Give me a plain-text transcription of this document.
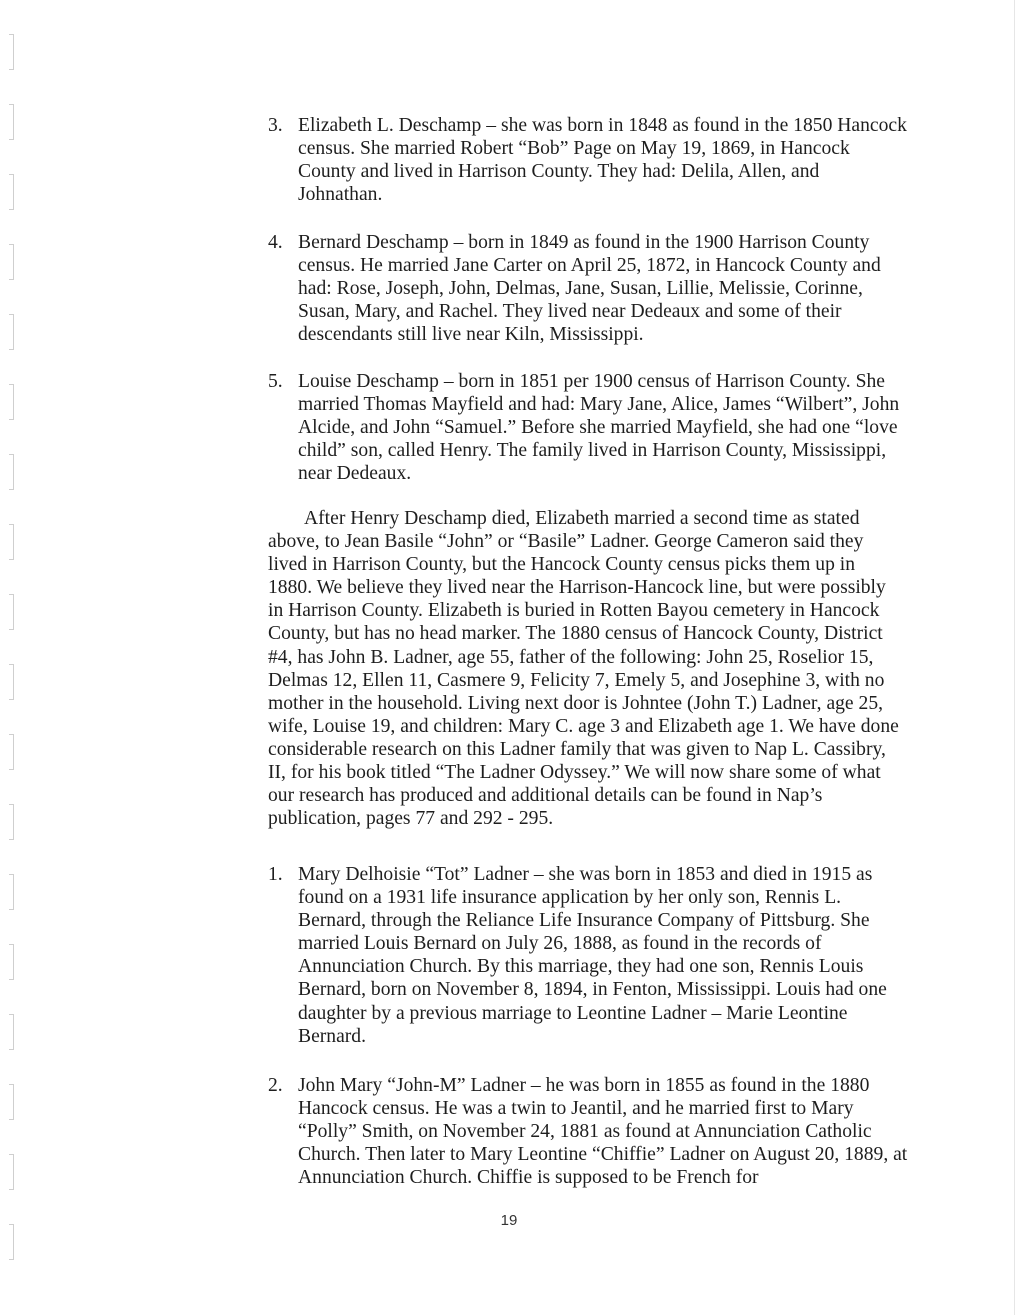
3. Elizabeth L. Deschamp – she was born in 1848 as found in the 1850 Hancock census. She married Robert “Bob” Page on May 19, 1869, in Hancock County and lived in Harrison County. They had: Delila, Allen, and Johnathan.
4. Bernard Deschamp – born in 1849 as found in the 1900 Harrison County census. He married Jane Carter on April 25, 1872, in Hancock County and had: Rose, Joseph, John, Delmas, Jane, Susan, Lillie, Melissie, Corinne, Susan, Mary, and Rachel. They lived near Dedeaux and some of their descendants still live near Kiln, Mississippi.
5. Louise Deschamp – born in 1851 per 1900 census of Harrison County. She married Thomas Mayfield and had: Mary Jane, Alice, James “Wilbert”, John Alcide, and John “Samuel.” Before she married Mayfield, she had one “love child” son, called Henry. The family lived in Harrison County, Mississippi, near Dedeaux.
After Henry Deschamp died, Elizabeth married a second time as stated above, to Jean Basile “John” or “Basile” Ladner. George Cameron said they lived in Harrison County, but the Hancock County census picks them up in 1880. We believe they lived near the Harrison-Hancock line, but were possibly in Harrison County. Elizabeth is buried in Rotten Bayou cemetery in Hancock County, but has no head marker. The 1880 census of Hancock County, District #4, has John B. Ladner, age 55, father of the following: John 25, Roselior 15, Delmas 12, Ellen 11, Casmere 9, Felicity 7, Emely 5, and Josephine 3, with no mother in the household. Living next door is Johntee (John T.) Ladner, age 25, wife, Louise 19, and children: Mary C. age 3 and Elizabeth age 1. We have done considerable research on this Ladner family that was given to Nap L. Cassibry, II, for his book titled “The Ladner Odyssey.” We will now share some of what our research has produced and additional details can be found in Nap’s publication, pages 77 and 292 - 295.
1. Mary Delhoisie “Tot” Ladner – she was born in 1853 and died in 1915 as found on a 1931 life insurance application by her only son, Rennis L. Bernard, through the Reliance Life Insurance Company of Pittsburg. She married Louis Bernard on July 26, 1888, as found in the records of Annunciation Church. By this marriage, they had one son, Rennis Louis Bernard, born on November 8, 1894, in Fenton, Mississippi. Louis had one daughter by a previous marriage to Leontine Ladner – Marie Leontine Bernard.
2. John Mary “John-M” Ladner – he was born in 1855 as found in the 1880 Hancock census. He was a twin to Jeantil, and he married first to Mary “Polly” Smith, on November 24, 1881 as found at Annunciation Catholic Church. Then later to Mary Leontine “Chiffie” Ladner on August 20, 1889, at Annunciation Church. Chiffie is supposed to be French for
19
